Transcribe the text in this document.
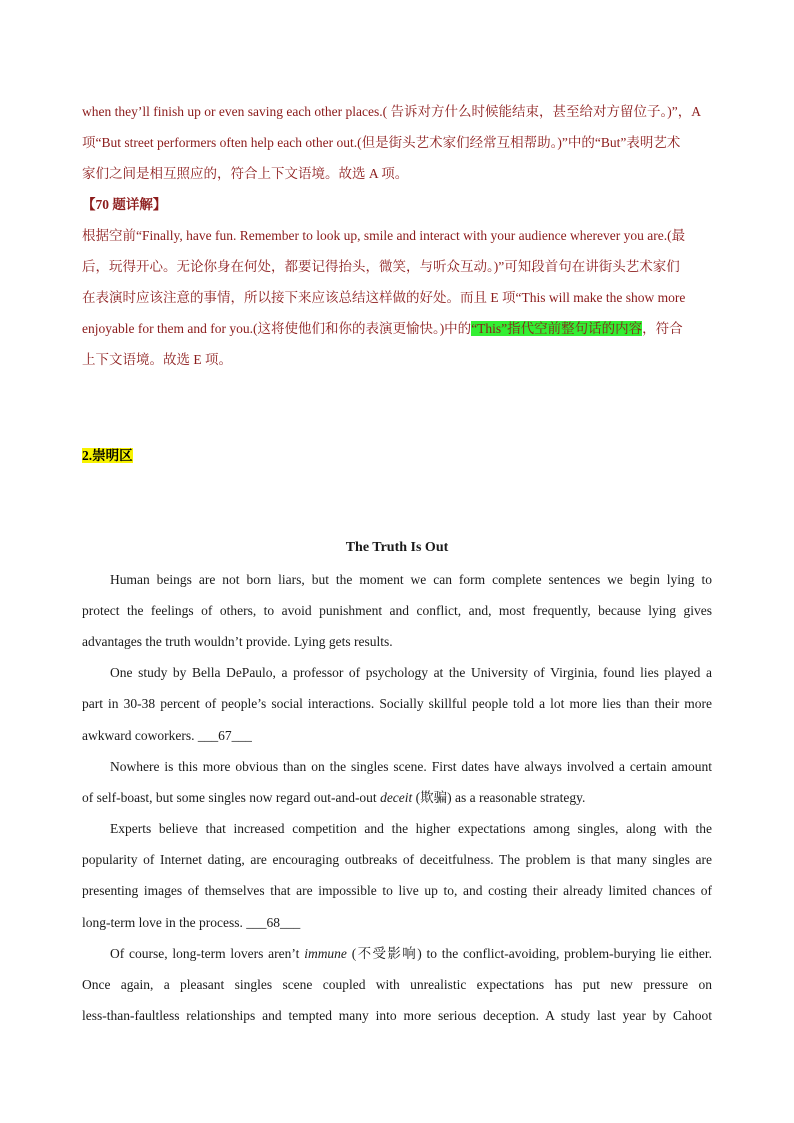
when they’ll finish up or even saving each other places.( 告诉对方什么时候能结束，甚至给对方留位子。)”，A
项“But street performers often help each other out.(但是街头艺术家们经常互相帮助。)”中的“But”表明艺术
家们之间是相互照应的，符合上下文语境。故选 A 项。
【70 题详解】
根据空前“Finally, have fun. Remember to look up, smile and interact with your audience wherever you are.(最
后，玩得开心。无论你身在何处，都要记得抬头，微笑，与听众互动。)”可知段首句在讲街头艺术家们
在表演时应该注意的事情，所以接下来应该总结这样做的好处。而且 E 项“This will make the show more
enjoyable for them and for you.(这将使他们和你的表演更愉快。)中的“This”指代空前整句话的内容，符合
上下文语境。故选 E 项。
2.崇明区
The Truth Is Out
Human beings are not born liars, but the moment we can form complete sentences we begin lying to
protect the feelings of others, to avoid punishment and conflict, and, most frequently, because lying gives
advantages the truth wouldn’t provide. Lying gets results.
One study by Bella DePaulo, a professor of psychology at the University of Virginia, found lies played a
part in 30-38 percent of people’s social interactions. Socially skillful people told a lot more lies than their more
awkward coworkers. ___67___
Nowhere is this more obvious than on the singles scene. First dates have always involved a certain amount
of self-boast, but some singles now regard out-and-out deceit (欺骗) as a reasonable strategy.
Experts believe that increased competition and the higher expectations among singles, along with the
popularity of Internet dating, are encouraging outbreaks of deceitfulness. The problem is that many singles are
presenting images of themselves that are impossible to live up to, and costing their already limited chances of
long-term love in the process. ___68___
Of course, long-term lovers aren’t immune (不受影响) to the conflict-avoiding, problem-burying lie either.
Once again, a pleasant singles scene coupled with unrealistic expectations has put new pressure on
less-than-faultless relationships and tempted many into more serious deception. A study last year by Cahoot
